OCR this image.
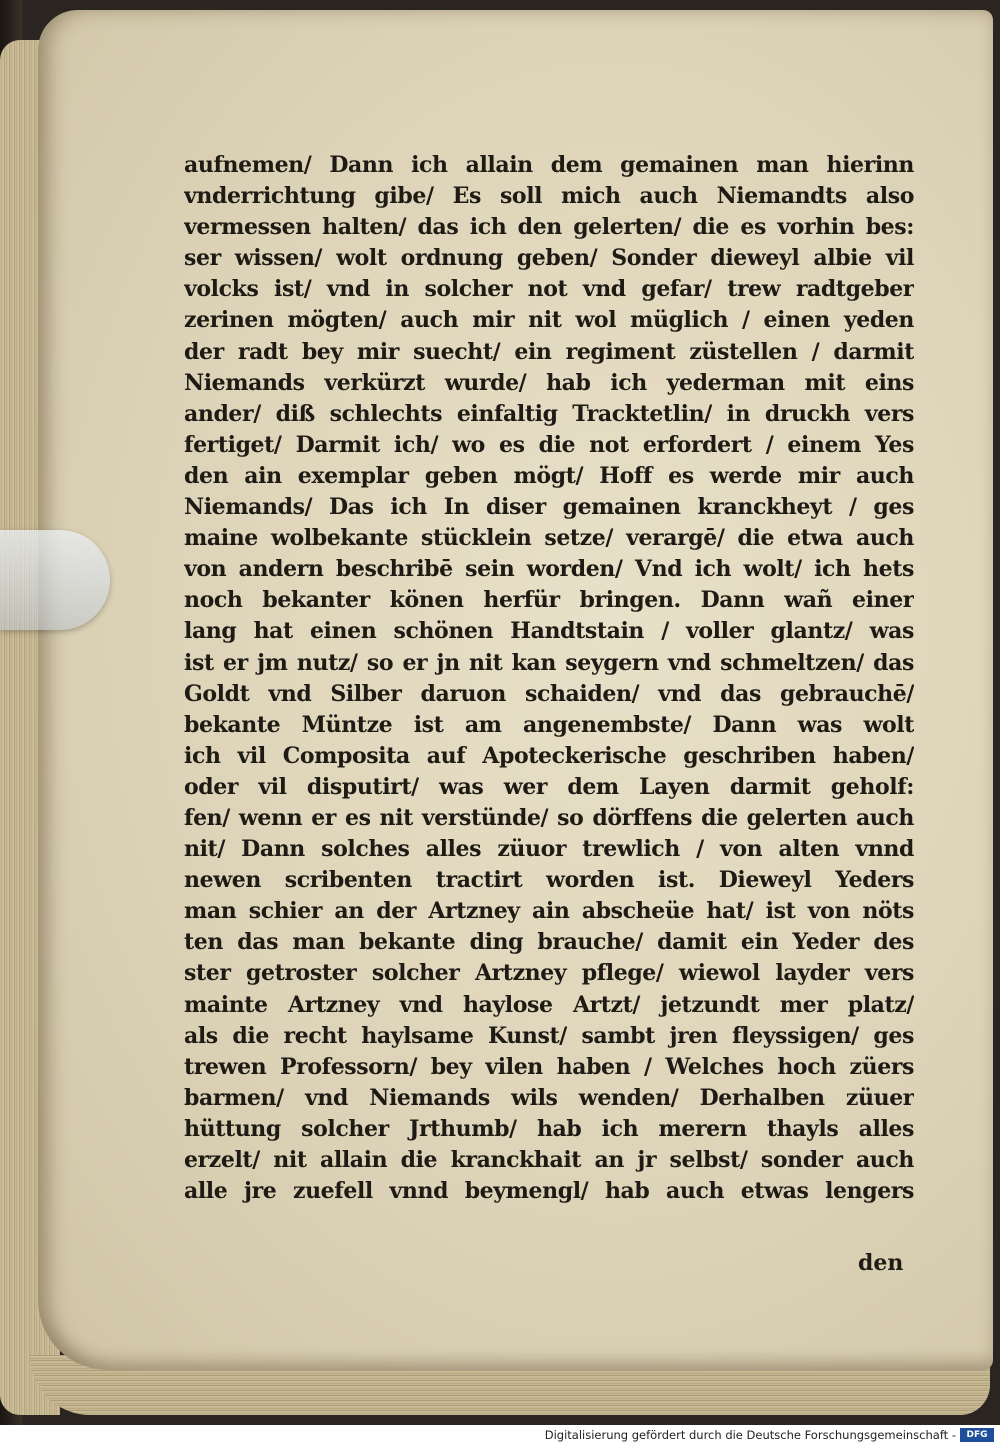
aufnemen/ Dann ich allain dem gemainen man hierinn
vnderrichtung gibe/ Es soll mich auch Niemandts also
vermessen halten/ das ich den gelerten/ die es vorhin bes:
ser wissen/ wolt ordnung geben/ Sonder dieweyl albie vil
volcks ist/ vnd in solcher not vnd gefar/ trew radtgeber
zerinen mögten/ auch mir nit wol müglich / einen yeden
der radt bey mir suecht/ ein regiment züstellen / darmit
Niemands verkürzt wurde/ hab ich yederman mit eins
ander/ diß schlechts einfaltig Tracktetlin/ in druckh vers
fertiget/ Darmit ich/ wo es die not erfordert / einem Yes
den ain exemplar geben mögt/ Hoff es werde mir auch
Niemands/ Das ich In diser gemainen kranckheyt / ges
maine wolbekante stücklein setze/ verargē/ die etwa auch
von andern beschribē sein worden/ Vnd ich wolt/ ich hets
noch bekanter könen herfür bringen. Dann wañ einer
lang hat einen schönen Handtstain / voller glantz/ was
ist er jm nutz/ so er jn nit kan seygern vnd schmeltzen/ das
Goldt vnd Silber daruon schaiden/ vnd das gebrauchē/
bekante Müntze ist am angenembste/ Dann was wolt
ich vil Composita auf Apoteckerische geschriben haben/
oder vil disputirt/ was wer dem Layen darmit geholf:
fen/ wenn er es nit verstünde/ so dörffens die gelerten auch
nit/ Dann solches alles züuor trewlich / von alten vnnd
newen scribenten tractirt worden ist. Dieweyl Yeders
man schier an der Artzney ain abscheüe hat/ ist von nöts
ten das man bekante ding brauche/ damit ein Yeder des
ster getroster solcher Artzney pflege/ wiewol layder vers
mainte Artzney vnd haylose Artzt/ jetzundt mer platz/
als die recht haylsame Kunst/ sambt jren fleyssigen/ ges
trewen Professorn/ bey vilen haben / Welches hoch züers
barmen/ vnd Niemands wils wenden/ Derhalben züuer
hüttung solcher Jrthumb/ hab ich merern thayls alles
erzelt/ nit allain die kranckhait an jr selbst/ sonder auch
alle jre zuefell vnnd beymengl/ hab auch etwas lengers
den
Digitalisierung gefördert durch die Deutsche Forschungsgemeinschaft -	DFG
